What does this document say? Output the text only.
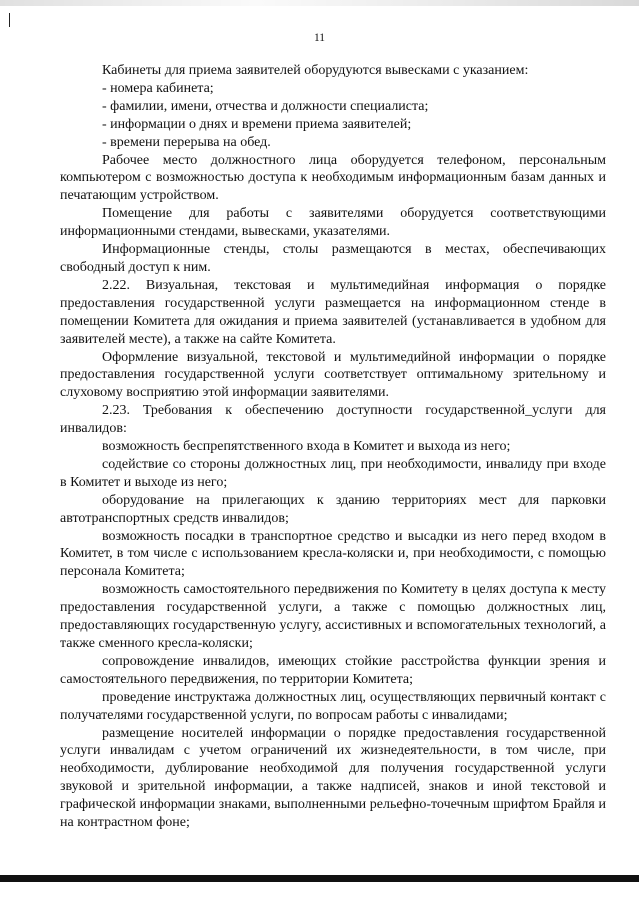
11

Кабинеты для приема заявителей оборудуются вывесками с указанием:

- номера кабинета;

- фамилии, имени, отчества и должности специалиста;

- информации о днях и времени приема заявителей;

- времени перерыва на обед.

Рабочее место должностного лица оборудуется телефоном, персональным компьютером с возможностью доступа к необходимым информационным базам данных и печатающим устройством.

Помещение для работы с заявителями оборудуется соответствующими информационными стендами, вывесками, указателями.

Информационные стенды, столы размещаются в местах, обеспечивающих свободный доступ к ним.

2.22. Визуальная, текстовая и мультимедийная информация о порядке предоставления государственной услуги размещается на информационном стенде в помещении Комитета для ожидания и приема заявителей (устанавливается в удобном для заявителей месте), а также на сайте Комитета.

Оформление визуальной, текстовой и мультимедийной информации о порядке предоставления государственной услуги соответствует оптимальному зрительному и слуховому восприятию этой информации заявителями.

2.23. Требования к обеспечению доступности государственной_услуги для инвалидов:

возможность беспрепятственного входа в Комитет и выхода из него;

содействие со стороны должностных лиц, при необходимости, инвалиду при входе в Комитет и выходе из него;

оборудование на прилегающих к зданию территориях мест для парковки автотранспортных средств инвалидов;

возможность посадки в транспортное средство и высадки из него перед входом в Комитет, в том числе с использованием кресла-коляски и, при необходимости, с помощью персонала Комитета;

возможность самостоятельного передвижения по Комитету в целях доступа к месту предоставления государственной услуги, а также с помощью должностных лиц, предоставляющих государственную услугу, ассистивных и вспомогательных технологий, а также сменного кресла-коляски;

сопровождение инвалидов, имеющих стойкие расстройства функции зрения и самостоятельного передвижения, по территории Комитета;

проведение инструктажа должностных лиц, осуществляющих первичный контакт с получателями государственной услуги, по вопросам работы с инвалидами;

размещение носителей информации о порядке предоставления государственной услуги инвалидам с учетом ограничений их жизнедеятельности, в том числе, при необходимости, дублирование необходимой для получения государственной услуги звуковой и зрительной информации, а также надписей, знаков и иной текстовой и графической информации знаками, выполненными рельефно-точечным шрифтом Брайля и на контрастном фоне;
